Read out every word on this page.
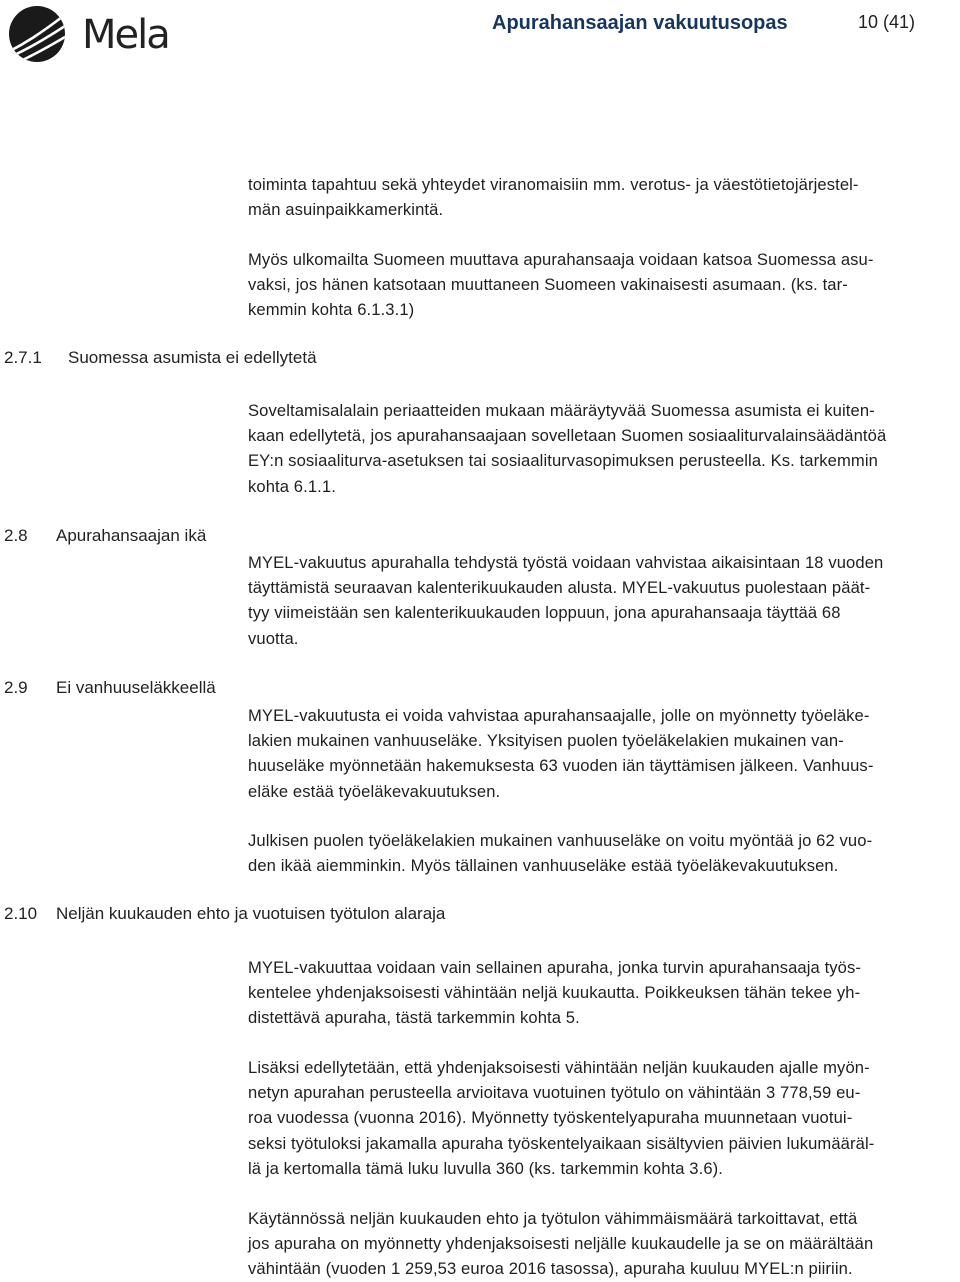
Mela	Apurahansaajan vakuutusopas	10 (41)

toiminta tapahtuu sekä yhteydet viranomaisiin mm. verotus- ja väestötietojärjestel-
män asuinpaikkamerkintä.

Myös ulkomailta Suomeen muuttava apurahansaaja voidaan katsoa Suomessa asu-
vaksi, jos hänen katsotaan muuttaneen Suomeen vakinaisesti asumaan. (ks. tar-
kemmin kohta 6.1.3.1)

2.7.1 Suomessa asumista ei edellytetä

Soveltamisalalain periaatteiden mukaan määräytyvää Suomessa asumista ei kuiten-
kaan edellytetä, jos apurahansaajaan sovelletaan Suomen sosiaaliturvalainsäädäntöä
EY:n sosiaaliturva-asetuksen tai sosiaaliturvasopimuksen perusteella. Ks. tarkemmin
kohta 6.1.1.

2.8 Apurahansaajan ikä

MYEL-vakuutus apurahalla tehdystä työstä voidaan vahvistaa aikaisintaan 18 vuoden
täyttämistä seuraavan kalenterikuukauden alusta. MYEL-vakuutus puolestaan päät-
tyy viimeistään sen kalenterikuukauden loppuun, jona apurahansaaja täyttää 68
vuotta.

2.9 Ei vanhuuseläkkeellä

MYEL-vakuutusta ei voida vahvistaa apurahansaajalle, jolle on myönnetty työeläke-
lakien mukainen vanhuuseläke. Yksityisen puolen työeläkelakien mukainen van-
huuseläke myönnetään hakemuksesta 63 vuoden iän täyttämisen jälkeen. Vanhuus-
eläke estää työeläkevakuutuksen.

Julkisen puolen työeläkelakien mukainen vanhuuseläke on voitu myöntää jo 62 vuo-
den ikää aiemminkin. Myös tällainen vanhuuseläke estää työeläkevakuutuksen.

2.10 Neljän kuukauden ehto ja vuotuisen työtulon alaraja

MYEL-vakuuttaa voidaan vain sellainen apuraha, jonka turvin apurahansaaja työs-
kentelee yhdenjaksoisesti vähintään neljä kuukautta. Poikkeuksen tähän tekee yh-
distettävä apuraha, tästä tarkemmin kohta 5.

Lisäksi edellytetään, että yhdenjaksoisesti vähintään neljän kuukauden ajalle myön-
netyn apurahan perusteella arvioitava vuotuinen työtulo on vähintään 3 778,59 eu-
roa vuodessa (vuonna 2016). Myönnetty työskentelyapuraha muunnetaan vuotui-
seksi työtuloksi jakamalla apuraha työskentelyaikaan sisältyvien päivien lukumääräl-
lä ja kertomalla tämä luku luvulla 360 (ks. tarkemmin kohta 3.6).

Käytännössä neljän kuukauden ehto ja työtulon vähimmäismäärä tarkoittavat, että
jos apuraha on myönnetty yhdenjaksoisesti neljälle kuukaudelle ja se on määrältään
vähintään (vuoden 1 259,53 euroa 2016 tasossa), apuraha kuuluu MYEL:n piiriin.
